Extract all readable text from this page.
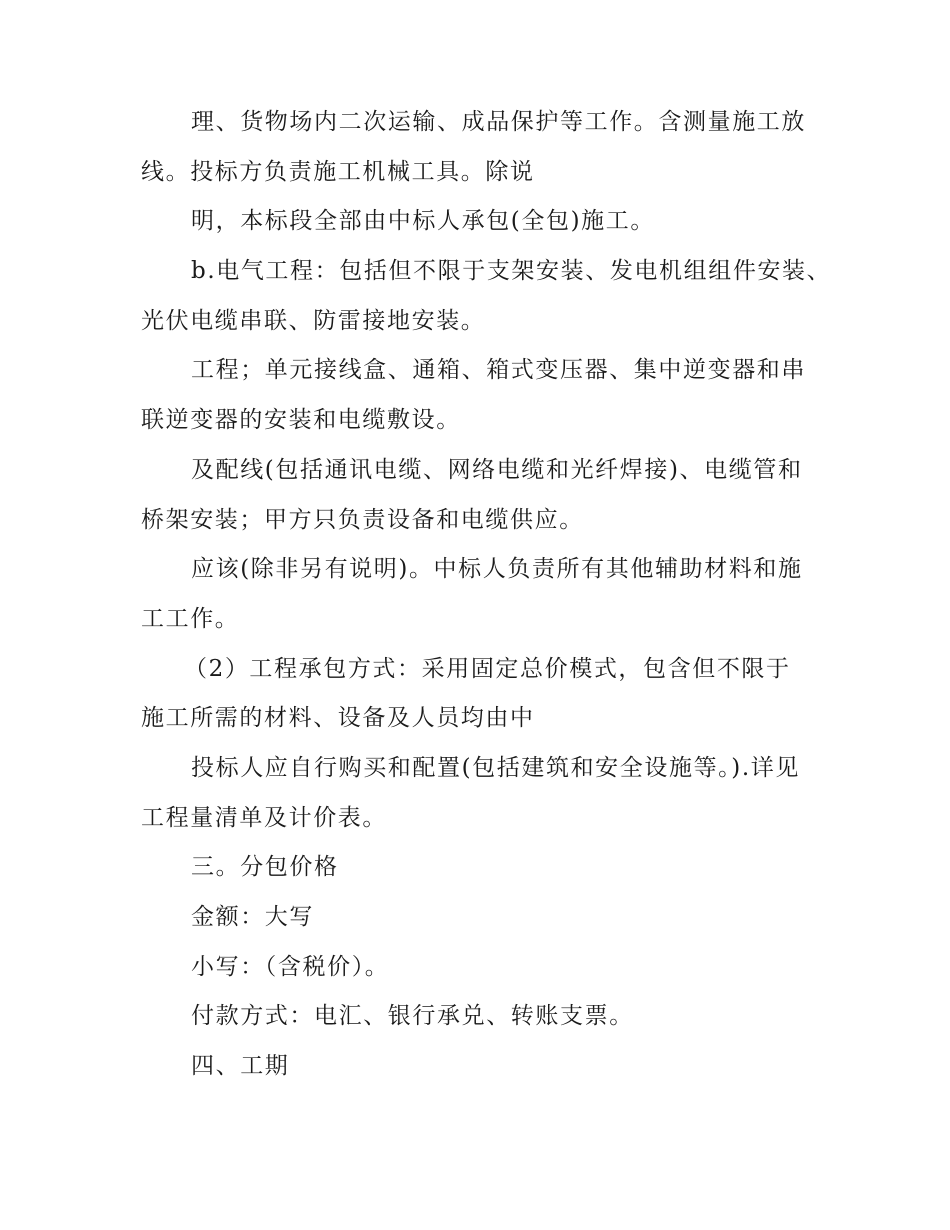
理、货物场内二次运输、成品保护等工作。含测量施工放

线。投标方负责施工机械工具。除说

明，本标段全部由中标人承包(全包)施工。

b.电气工程：包括但不限于支架安装、发电机组组件安装、

光伏电缆串联、防雷接地安装。

工程；单元接线盒、通箱、箱式变压器、集中逆变器和串

联逆变器的安装和电缆敷设。

及配线(包括通讯电缆、网络电缆和光纤焊接)、电缆管和

桥架安装；甲方只负责设备和电缆供应。

应该(除非另有说明)。中标人负责所有其他辅助材料和施

工工作。

（2）工程承包方式：采用固定总价模式，包含但不限于

施工所需的材料、设备及人员均由中

投标人应自行购买和配置(包括建筑和安全设施等。).详见

工程量清单及计价表。

三。分包价格

金额：大写

小写：（含税价）。

付款方式：电汇、银行承兑、转账支票。

四、工期
